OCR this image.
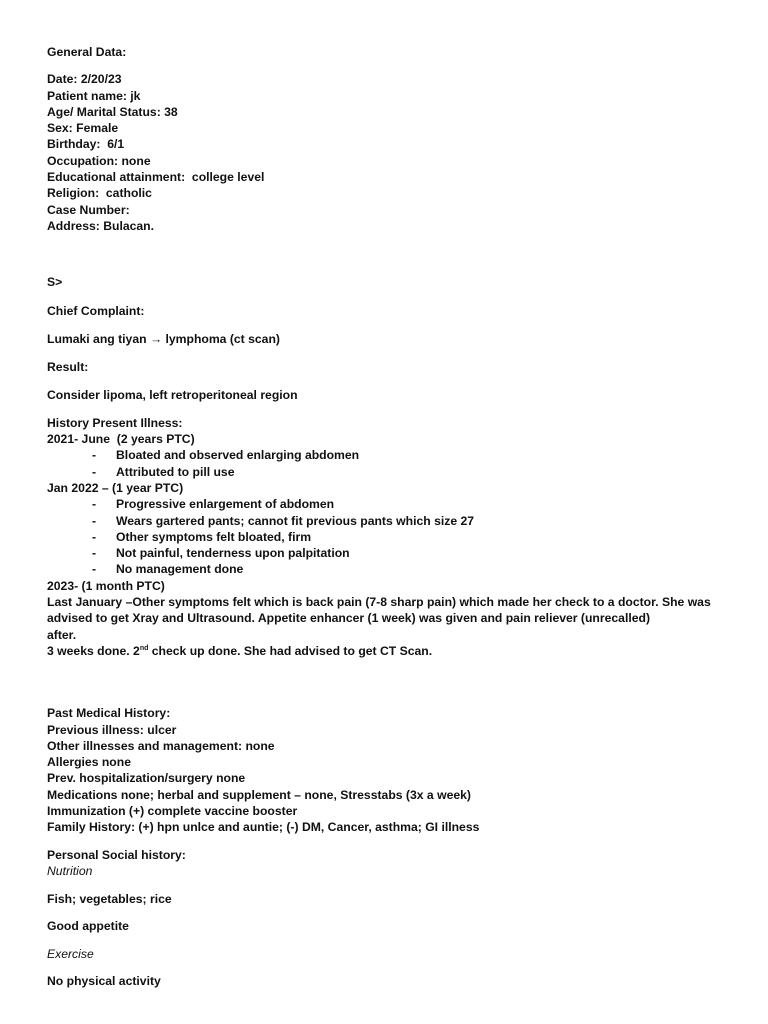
General Data:
Date: 2/20/23
Patient name: jk
Age/ Marital Status: 38
Sex: Female
Birthday:  6/1
Occupation: none
Educational attainment:  college level
Religion:  catholic
Case Number:
Address: Bulacan.
S>
Chief Complaint:
Lumaki ang tiyan → lymphoma (ct scan)
Result:
Consider lipoma, left retroperitoneal region
History Present Illness:
2021- June  (2 years PTC)
- Bloated and observed enlarging abdomen
- Attributed to pill use
Jan 2022 – (1 year PTC)
- Progressive enlargement of abdomen
- Wears gartered pants; cannot fit previous pants which size 27
- Other symptoms felt bloated, firm
- Not painful, tenderness upon palpitation
- No management done
2023- (1 month PTC)
Last January –Other symptoms felt which is back pain (7-8 sharp pain) which made her check to a doctor. She was advised to get Xray and Ultrasound. Appetite enhancer (1 week) was given and pain reliever (unrecalled)
after.
3 weeks done. 2nd check up done. She had advised to get CT Scan.
Past Medical History:
Previous illness: ulcer
Other illnesses and management: none
Allergies none
Prev. hospitalization/surgery none
Medications none; herbal and supplement – none, Stresstabs (3x a week)
Immunization (+) complete vaccine booster
Family History: (+) hpn unlce and auntie; (-) DM, Cancer, asthma; GI illness
Personal Social history:
Nutrition
Fish; vegetables; rice
Good appetite
Exercise
No physical activity
